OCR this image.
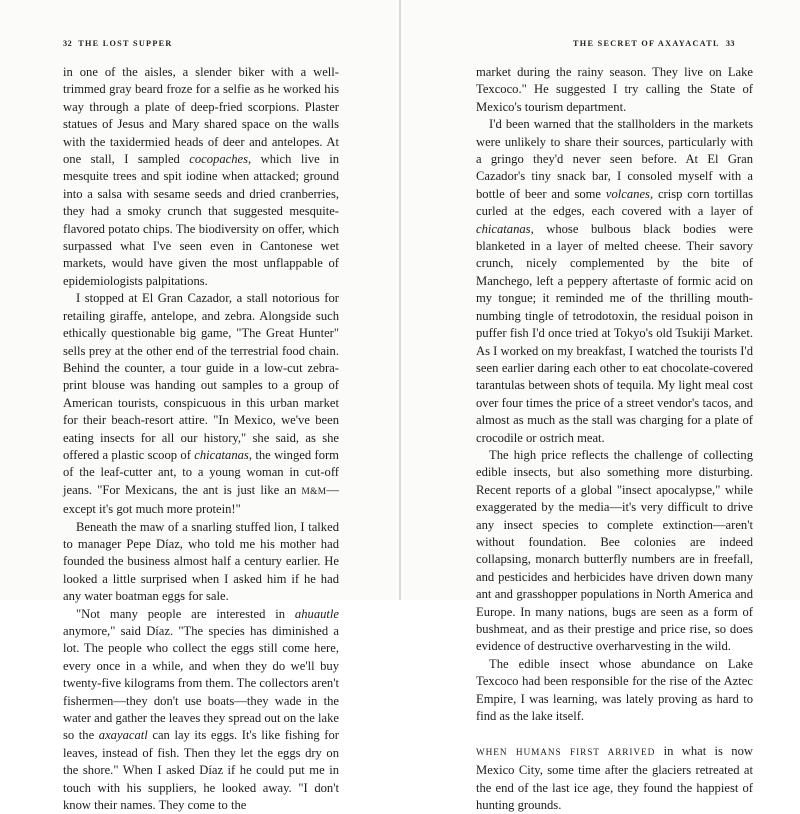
32 THE LOST SUPPER

in one of the aisles, a slender biker with a well-trimmed gray beard froze for a selfie as he worked his way through a plate of deep-fried scorpions. Plaster statues of Jesus and Mary shared space on the walls with the taxidermied heads of deer and antelopes. At one stall, I sampled cocopaches, which live in mesquite trees and spit iodine when attacked; ground into a salsa with sesame seeds and dried cranberries, they had a smoky crunch that suggested mesquite-flavored potato chips. The biodiversity on offer, which surpassed what I've seen even in Cantonese wet markets, would have given the most unflappable of epidemiologists palpitations.

I stopped at El Gran Cazador, a stall notorious for retailing giraffe, antelope, and zebra. Alongside such ethically questionable big game, "The Great Hunter" sells prey at the other end of the terrestrial food chain. Behind the counter, a tour guide in a low-cut zebra-print blouse was handing out samples to a group of American tourists, conspicuous in this urban market for their beach-resort attire. "In Mexico, we've been eating insects for all our history," she said, as she offered a plastic scoop of chicatanas, the winged form of the leaf-cutter ant, to a young woman in cut-off jeans. "For Mexicans, the ant is just like an M&M—except it's got much more protein!"

Beneath the maw of a snarling stuffed lion, I talked to manager Pepe Díaz, who told me his mother had founded the business almost half a century earlier. He looked a little surprised when I asked him if he had any water boatman eggs for sale.

"Not many people are interested in ahuautle anymore," said Díaz. "The species has diminished a lot. The people who collect the eggs still come here, every once in a while, and when they do we'll buy twenty-five kilograms from them. The collectors aren't fishermen—they don't use boats—they wade in the water and gather the leaves they spread out on the lake so the axayacatl can lay its eggs. It's like fishing for leaves, instead of fish. Then they let the eggs dry on the shore." When I asked Díaz if he could put me in touch with his suppliers, he looked away. "I don't know their names. They come to the

THE SECRET OF AXAYACATL 33

market during the rainy season. They live on Lake Texcoco." He suggested I try calling the State of Mexico's tourism department.

I'd been warned that the stallholders in the markets were unlikely to share their sources, particularly with a gringo they'd never seen before. At El Gran Cazador's tiny snack bar, I consoled myself with a bottle of beer and some volcanes, crisp corn tortillas curled at the edges, each covered with a layer of chicatanas, whose bulbous black bodies were blanketed in a layer of melted cheese. Their savory crunch, nicely complemented by the bite of Manchego, left a peppery aftertaste of formic acid on my tongue; it reminded me of the thrilling mouth-numbing tingle of tetrodotoxin, the residual poison in puffer fish I'd once tried at Tokyo's old Tsukiji Market. As I worked on my breakfast, I watched the tourists I'd seen earlier daring each other to eat chocolate-covered tarantulas between shots of tequila. My light meal cost over four times the price of a street vendor's tacos, and almost as much as the stall was charging for a plate of crocodile or ostrich meat.

The high price reflects the challenge of collecting edible insects, but also something more disturbing. Recent reports of a global "insect apocalypse," while exaggerated by the media—it's very difficult to drive any insect species to complete extinction—aren't without foundation. Bee colonies are indeed collapsing, monarch butterfly numbers are in freefall, and pesticides and herbicides have driven down many ant and grasshopper populations in North America and Europe. In many nations, bugs are seen as a form of bushmeat, and as their prestige and price rise, so does evidence of destructive overharvesting in the wild.

The edible insect whose abundance on Lake Texcoco had been responsible for the rise of the Aztec Empire, I was learning, was lately proving as hard to find as the lake itself.

WHEN HUMANS FIRST ARRIVED in what is now Mexico City, some time after the glaciers retreated at the end of the last ice age, they found the happiest of hunting grounds.
